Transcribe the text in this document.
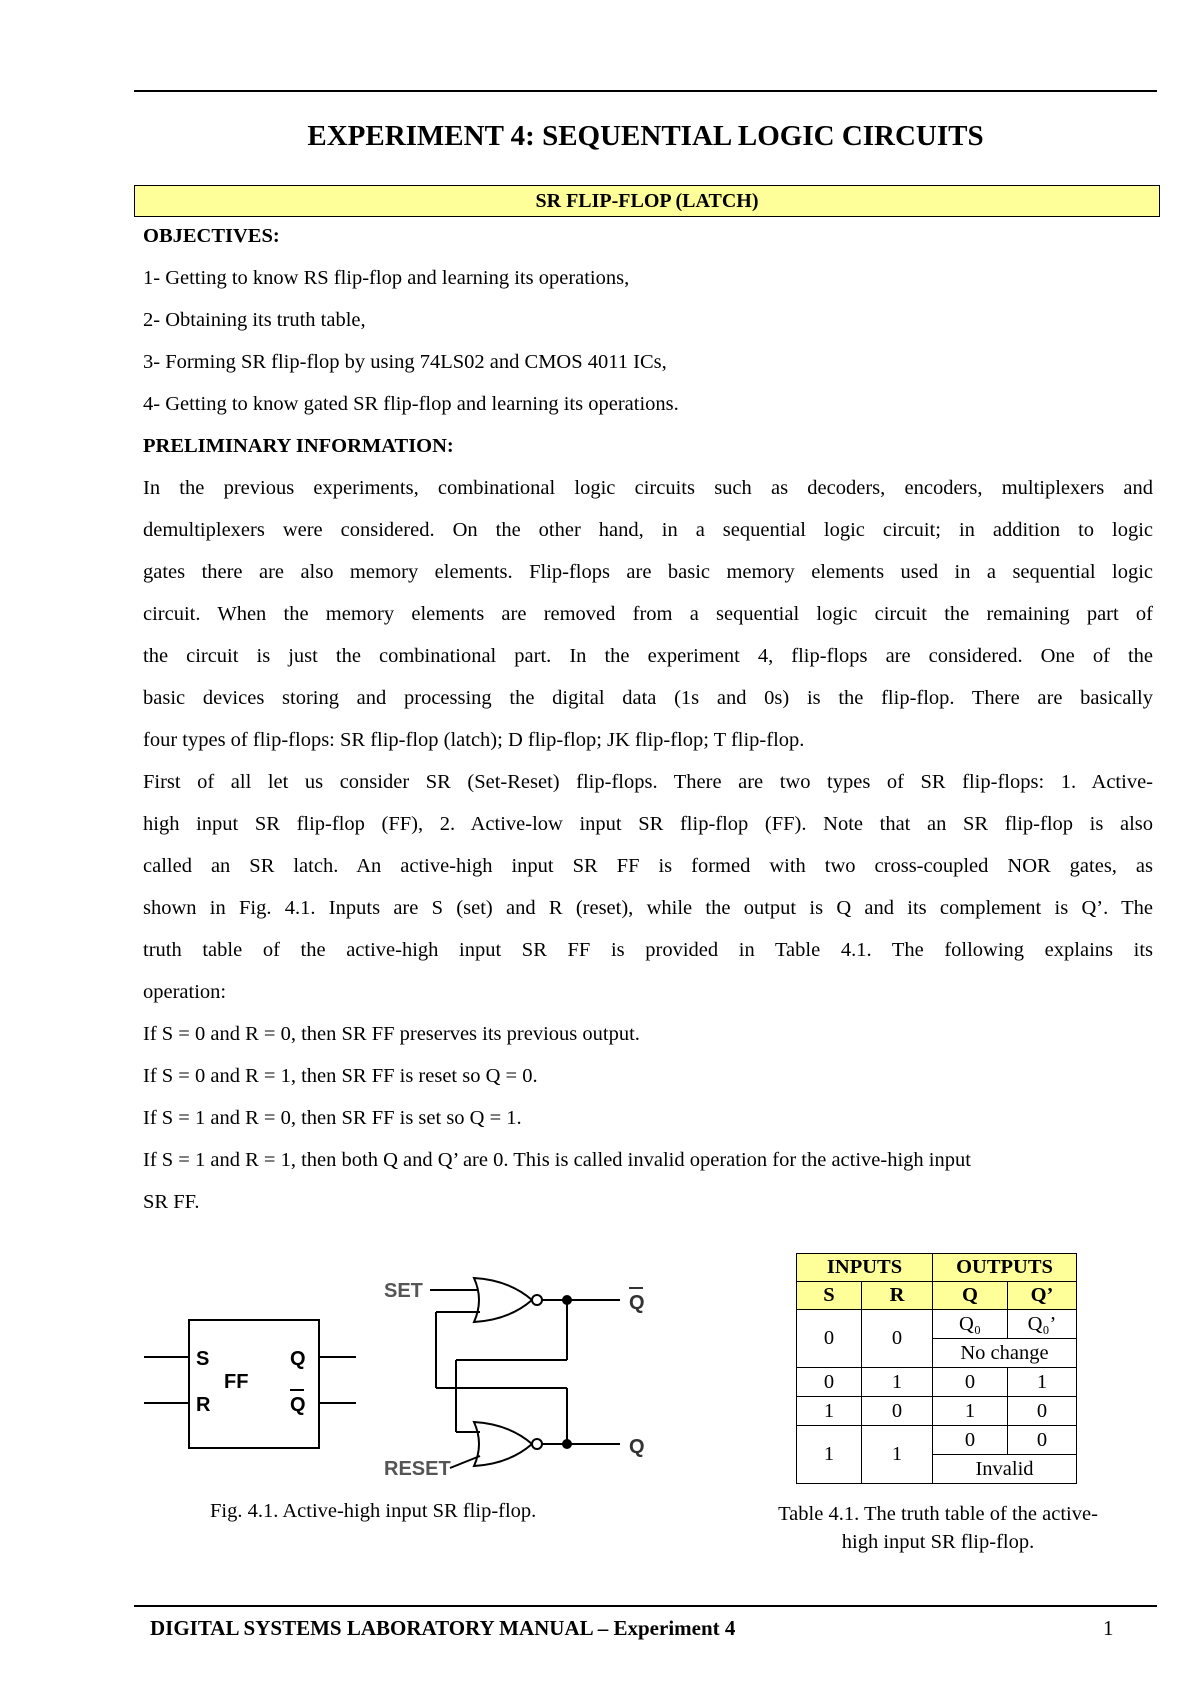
EXPERIMENT 4: SEQUENTIAL LOGIC CIRCUITS
SR FLIP-FLOP (LATCH)
OBJECTIVES:
1- Getting to know RS flip-flop and learning its operations,
2- Obtaining its truth table,
3- Forming SR flip-flop by using 74LS02 and CMOS 4011 ICs,
4- Getting to know gated SR flip-flop and learning its operations.
PRELIMINARY INFORMATION:
In the previous experiments, combinational logic circuits such as decoders, encoders, multiplexers and
demultiplexers were considered. On the other hand, in a sequential logic circuit; in addition to logic
gates there are also memory elements. Flip-flops are basic memory elements used in a sequential logic
circuit. When the memory elements are removed from a sequential logic circuit the remaining part of
the circuit is just the combinational part. In the experiment 4, flip-flops are considered. One of the
basic devices storing and processing the digital data (1s and 0s) is the flip-flop. There are basically
four types of flip-flops: SR flip-flop (latch); D flip-flop; JK flip-flop; T flip-flop.
First of all let us consider SR (Set-Reset) flip-flops. There are two types of SR flip-flops: 1. Active-
high input SR flip-flop (FF), 2. Active-low input SR flip-flop (FF). Note that an SR flip-flop is also
called an SR latch. An active-high input SR FF is formed with two cross-coupled NOR gates, as
shown in Fig. 4.1. Inputs are S (set) and R (reset), while the output is Q and its complement is Q’. The
truth table of the active-high input SR FF is provided in Table 4.1. The following explains its
operation:
If S = 0 and R = 0, then SR FF preserves its previous output.
If S = 0 and R = 1, then SR FF is reset so Q = 0.
If S = 1 and R = 0, then SR FF is set so Q = 1.
If S = 1 and R = 1, then both Q and Q’ are 0. This is called invalid operation for the active-high input
SR FF.
S
R
FF
Q
Q
SET
RESET
Q
Q
Fig. 4.1. Active-high input SR flip-flop.
INPUTS		OUTPUTS	
S	R	Q	Q’
0	0	Q₀	Q₀’
		No change	
0	1	0	1
1	0	1	0
1	1	0	0
		Invalid	
Table 4.1. The truth table of the active-
high input SR flip-flop.
DIGITAL SYSTEMS LABORATORY MANUAL – Experiment 4	1
